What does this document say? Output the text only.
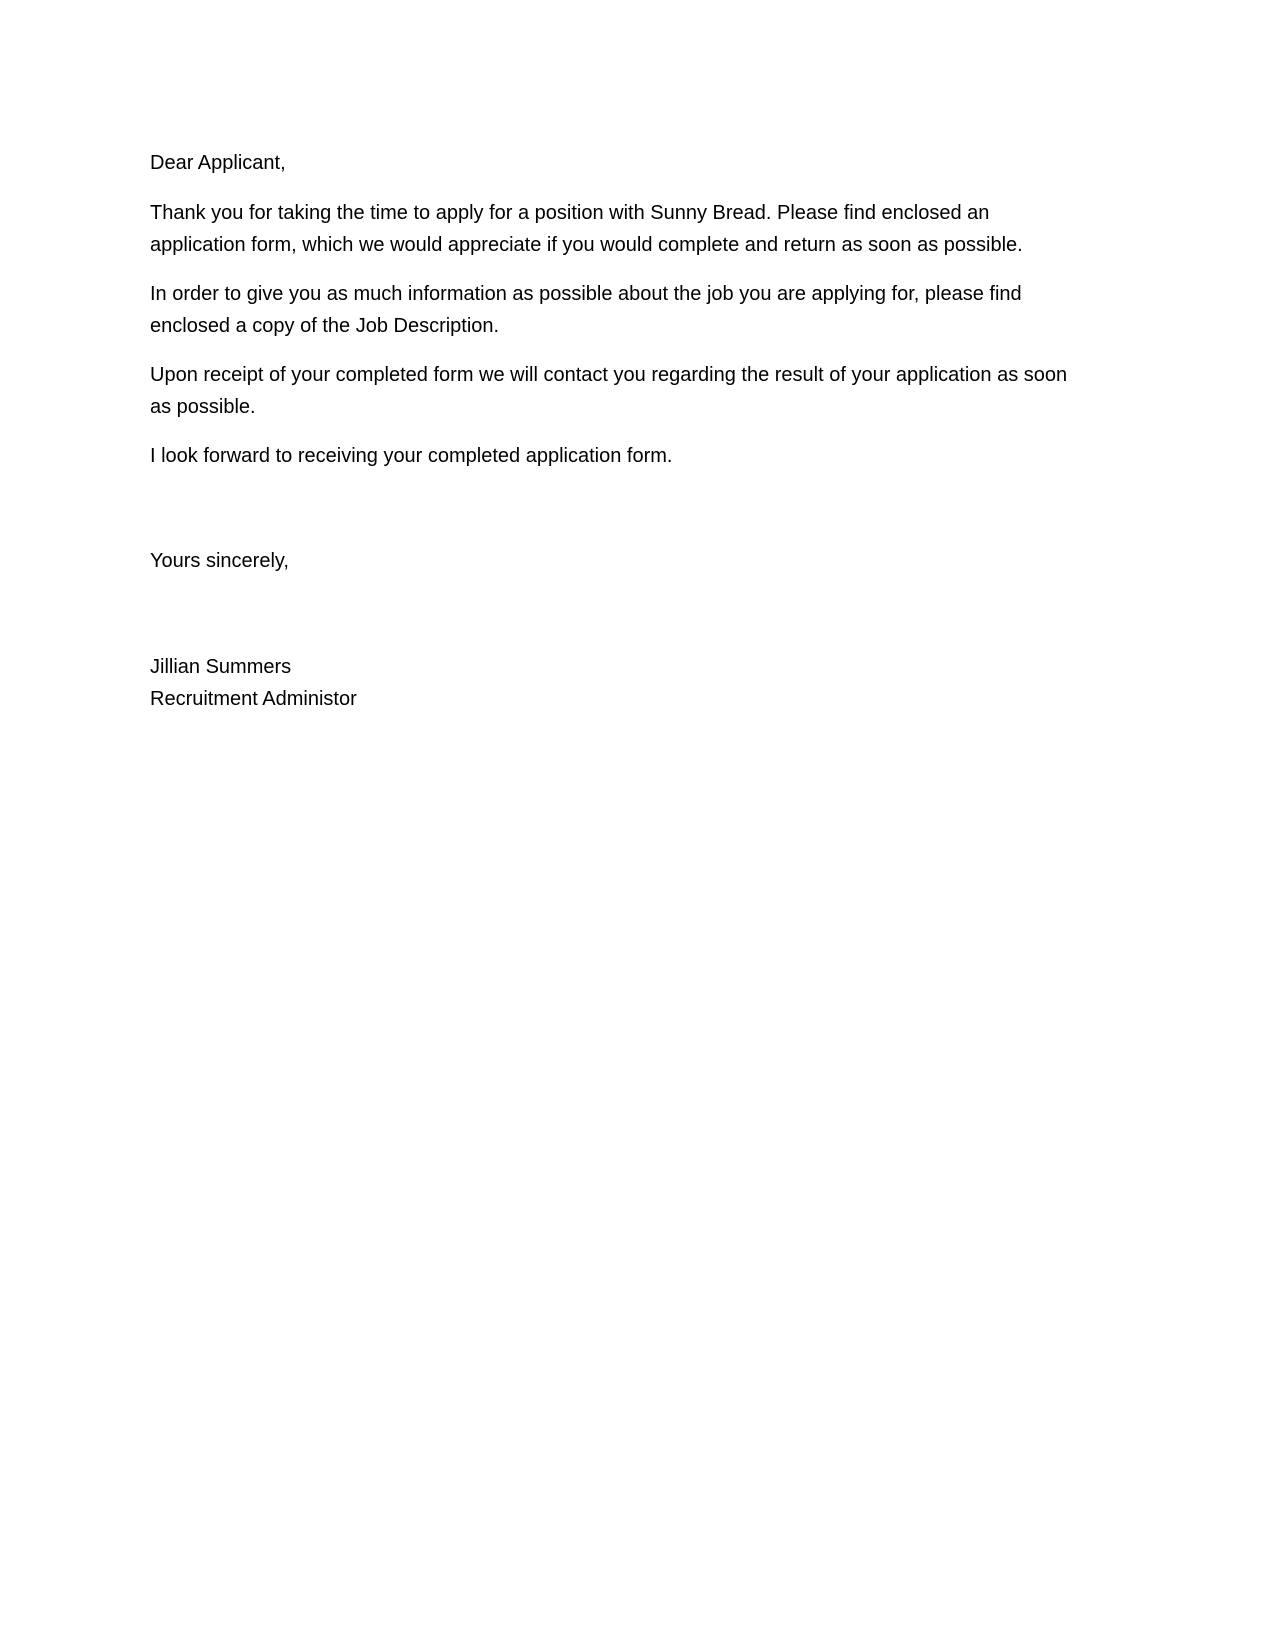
Dear Applicant,

Thank you for taking the time to apply for a position with Sunny Bread. Please find enclosed an application form, which we would appreciate if you would complete and return as soon as possible.

In order to give you as much information as possible about the job you are applying for, please find enclosed a copy of the Job Description.

Upon receipt of your completed form we will contact you regarding the result of your application as soon as possible.

I look forward to receiving your completed application form.

Yours sincerely,

Jillian Summers
Recruitment Administor
